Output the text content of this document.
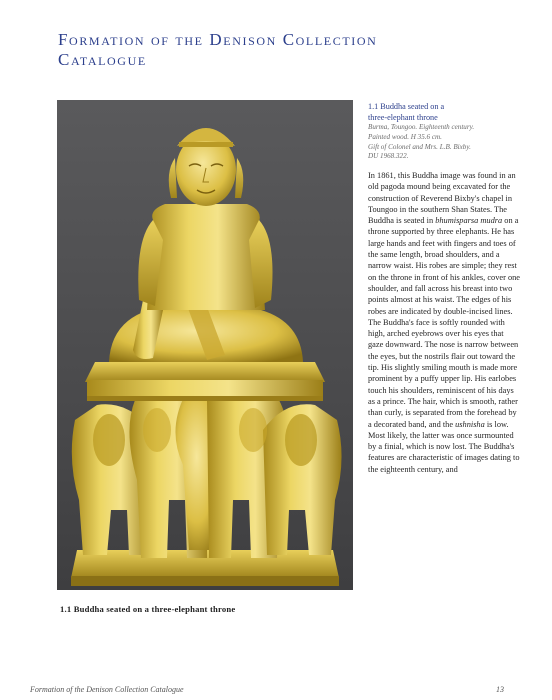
Formation of the Denison Collection
Catalogue
1.1 Buddha seated on a three-elephant throne
1.1 Buddha seated on a
three-elephant throne
Burma, Toungoo. Eighteenth century.
Painted wood. H 35.6 cm.
Gift of Colonel and Mrs. L.B. Bixby.
DU 1968.322.

In 1861, this Buddha image was found in an old pagoda mound being excavated for the construction of Reverend Bixby's chapel in Toungoo in the southern Shan States. The Buddha is seated in bhumisparsa mudra on a throne supported by three elephants. He has large hands and feet with fingers and toes of the same length, broad shoulders, and a narrow waist. His robes are simple; they rest on the throne in front of his ankles, cover one shoulder, and fall across his breast into two points almost at his waist. The edges of his robes are indicated by double-incised lines. The Buddha's face is softly rounded with high, arched eyebrows over his eyes that gaze downward. The nose is narrow between the eyes, but the nostrils flair out toward the tip. His slightly smiling mouth is made more prominent by a puffy upper lip. His earlobes touch his shoulders, reminiscent of his days as a prince. The hair, which is smooth, rather than curly, is separated from the forehead by a decorated band, and the ushnisha is low. Most likely, the latter was once surmounted by a finial, which is now lost. The Buddha's features are characteristic of images dating to the eighteenth century, and

Formation of the Denison Collection Catalogue	13
